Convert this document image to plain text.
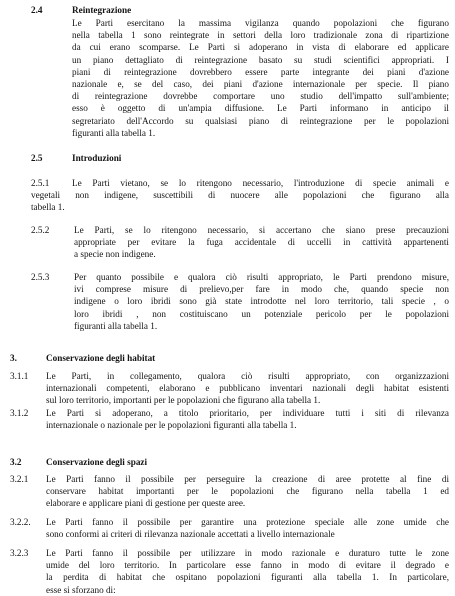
2.4	Reintegrazione
Le Parti esercitano la massima vigilanza quando popolazioni che figurano
nella tabella 1 sono reintegrate in settori della loro tradizionale zona di ripartizione
da cui erano scomparse. Le Parti si adoperano in vista di elaborare ed applicare
un piano dettagliato di reintegrazione basato su studi scientifici appropriati. I
piani di reintegrazione dovrebbero essere parte integrante dei piani d'azione
nazionale e, se del caso, dei piani d'azione internazionale per specie. Il piano
di reintegrazione dovrebbe comportare uno studio dell'impatto sull'ambiente;
esso è oggetto di un'ampia diffusione. Le Parti informano in anticipo il
segretariato dell'Accordo su qualsiasi piano di reintegrazione per le popolazioni
figuranti alla tabella 1.
2.5	Introduzioni
2.5.1 Le Parti vietano, se lo ritengono necessario, l'introduzione di specie animali e
vegetali non indigene, suscettibili di nuocere alle popolazioni che figurano alla
tabella 1.
2.5.2	Le Parti, se lo ritengono necessario, si accertano che siano prese precauzioni
appropriate per evitare la fuga accidentale di uccelli in cattività appartenenti
a specie non indigene.
2.5.3	Per quanto possibile e qualora ciò risulti appropriato, le Parti prendono misure,
ivi comprese misure di prelievo,per fare in modo che, quando specie non
indigene o loro ibridi sono già state introdotte nel loro territorio, tali specie , o
loro ibridi , non costituiscano un potenziale pericolo per le popolazioni
figuranti alla tabella 1.
3.	Conservazione degli habitat
3.1.1 Le Parti, in collegamento, qualora ciò risulti appropriato, con organizzazioni
internazionali competenti, elaborano e pubblicano inventari nazionali degli habitat esistenti
sul loro territorio, importanti per le popolazioni che figurano alla tabella 1.
3.1.2 Le Parti si adoperano, a titolo prioritario, per individuare tutti i siti di rilevanza
internazionale o nazionale per le popolazioni figuranti alla tabella 1.
3.2	Conservazione degli spazi
3.2.1 Le Parti fanno il possibile per perseguire la creazione di aree protette al fine di
conservare habitat importanti per le popolazioni che figurano nella tabella 1 ed
elaborare e applicare piani di gestione per queste aree.
3.2.2. Le Parti fanno il possibile per garantire una protezione speciale alle zone umide che
sono conformi ai criteri di rilevanza nazionale accettati a livello internazionale
3.2.3 Le Parti fanno il possibile per utilizzare in modo razionale e duraturo tutte le zone
umide del loro territorio. In particolare esse fanno in modo di evitare il degrado e
la perdita di habitat che ospitano popolazioni figuranti alla tabella 1. In particolare,
esse si sforzano di:
